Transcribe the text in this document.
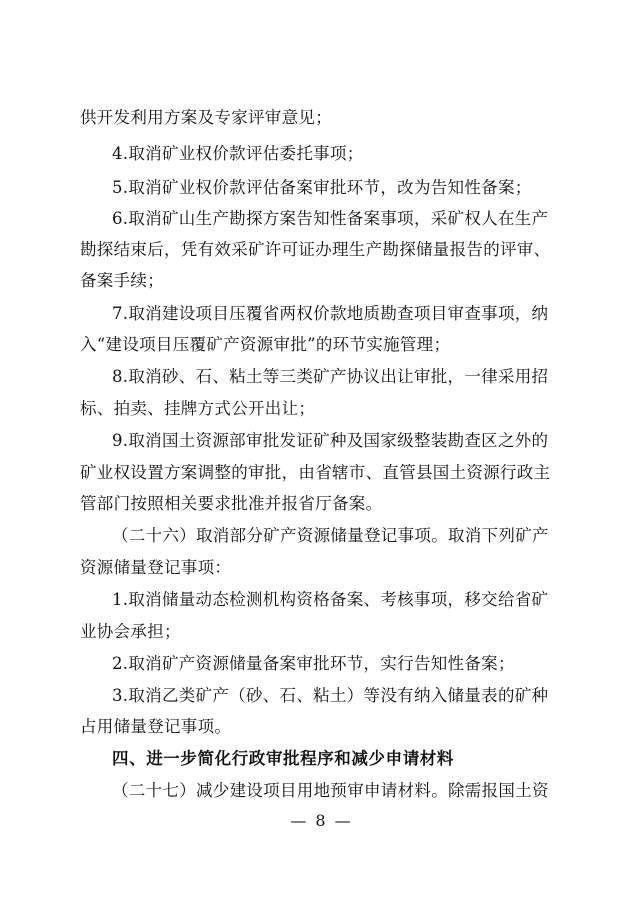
供开发利用方案及专家评审意见；
4.取消矿业权价款评估委托事项；
5.取消矿业权价款评估备案审批环节，改为告知性备案；
6.取消矿山生产勘探方案告知性备案事项，采矿权人在生产
勘探结束后，凭有效采矿许可证办理生产勘探储量报告的评审、
备案手续；
7.取消建设项目压覆省两权价款地质勘查项目审查事项，纳
入“建设项目压覆矿产资源审批”的环节实施管理；
8.取消砂、石、粘土等三类矿产协议出让审批，一律采用招
标、拍卖、挂牌方式公开出让；
9.取消国土资源部审批发证矿种及国家级整装勘查区之外的
矿业权设置方案调整的审批，由省辖市、直管县国土资源行政主
管部门按照相关要求批准并报省厅备案。
（二十六）取消部分矿产资源储量登记事项。取消下列矿产
资源储量登记事项：
1.取消储量动态检测机构资格备案、考核事项，移交给省矿
业协会承担；
2.取消矿产资源储量备案审批环节，实行告知性备案；
3.取消乙类矿产（砂、石、粘土）等没有纳入储量表的矿种
占用储量登记事项。
四、进一步简化行政审批程序和减少申请材料
（二十七）减少建设项目用地预审申请材料。除需报国土资
— 8 —
